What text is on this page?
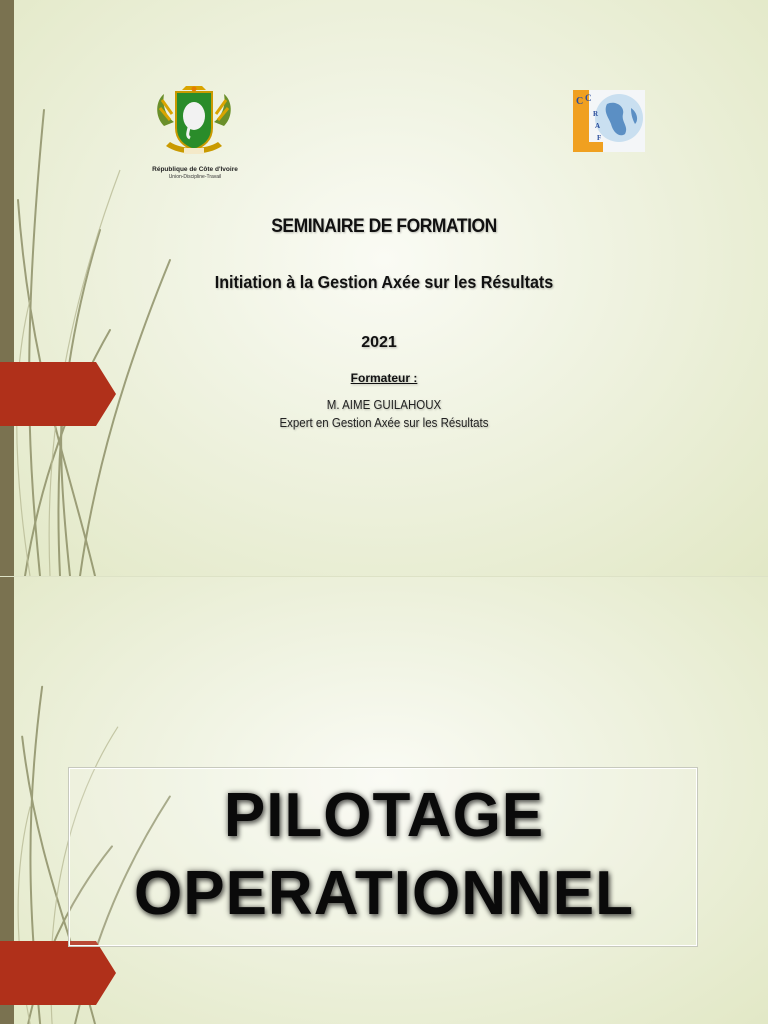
République de Côte d'Ivoire
Union-Discipline-Travail
C C
R
A
F
SEMINAIRE DE FORMATION
Initiation à la Gestion Axée sur les Résultats
2021
Formateur :
M. AIME GUILAHOUX
Expert en Gestion Axée sur les Résultats
PILOTAGE
OPERATIONNEL
